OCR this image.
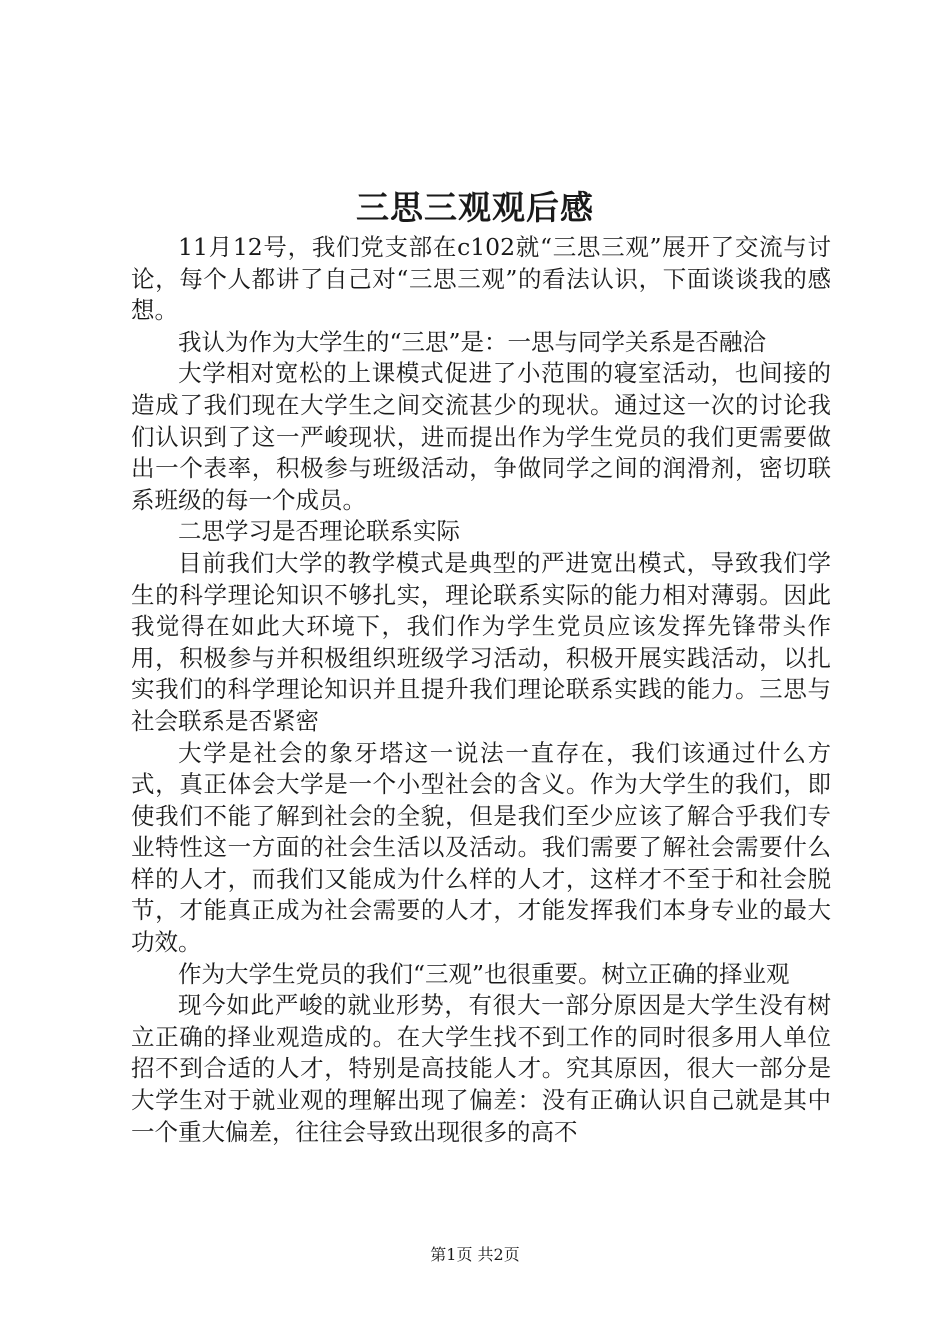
三思三观观后感

11月12号，我们党支部在c102就“三思三观”展开了交流与讨论，每个人都讲了自己对“三思三观”的看法认识，下面谈谈我的感想。

我认为作为大学生的“三思”是：一思与同学关系是否融洽

大学相对宽松的上课模式促进了小范围的寝室活动，也间接的造成了我们现在大学生之间交流甚少的现状。通过这一次的讨论我们认识到了这一严峻现状，进而提出作为学生党员的我们更需要做出一个表率，积极参与班级活动，争做同学之间的润滑剂，密切联系班级的每一个成员。

二思学习是否理论联系实际

目前我们大学的教学模式是典型的严进宽出模式，导致我们学生的科学理论知识不够扎实，理论联系实际的能力相对薄弱。因此我觉得在如此大环境下，我们作为学生党员应该发挥先锋带头作用，积极参与并积极组织班级学习活动，积极开展实践活动，以扎实我们的科学理论知识并且提升我们理论联系实践的能力。三思与社会联系是否紧密

大学是社会的象牙塔这一说法一直存在，我们该通过什么方式，真正体会大学是一个小型社会的含义。作为大学生的我们，即使我们不能了解到社会的全貌，但是我们至少应该了解合乎我们专业特性这一方面的社会生活以及活动。我们需要了解社会需要什么样的人才，而我们又能成为什么样的人才，这样才不至于和社会脱节，才能真正成为社会需要的人才，才能发挥我们本身专业的最大功效。

作为大学生党员的我们“三观”也很重要。树立正确的择业观

现今如此严峻的就业形势，有很大一部分原因是大学生没有树立正确的择业观造成的。在大学生找不到工作的同时很多用人单位招不到合适的人才，特别是高技能人才。究其原因，很大一部分是大学生对于就业观的理解出现了偏差：没有正确认识自己就是其中一个重大偏差，往往会导致出现很多的高不

第1页 共2页
